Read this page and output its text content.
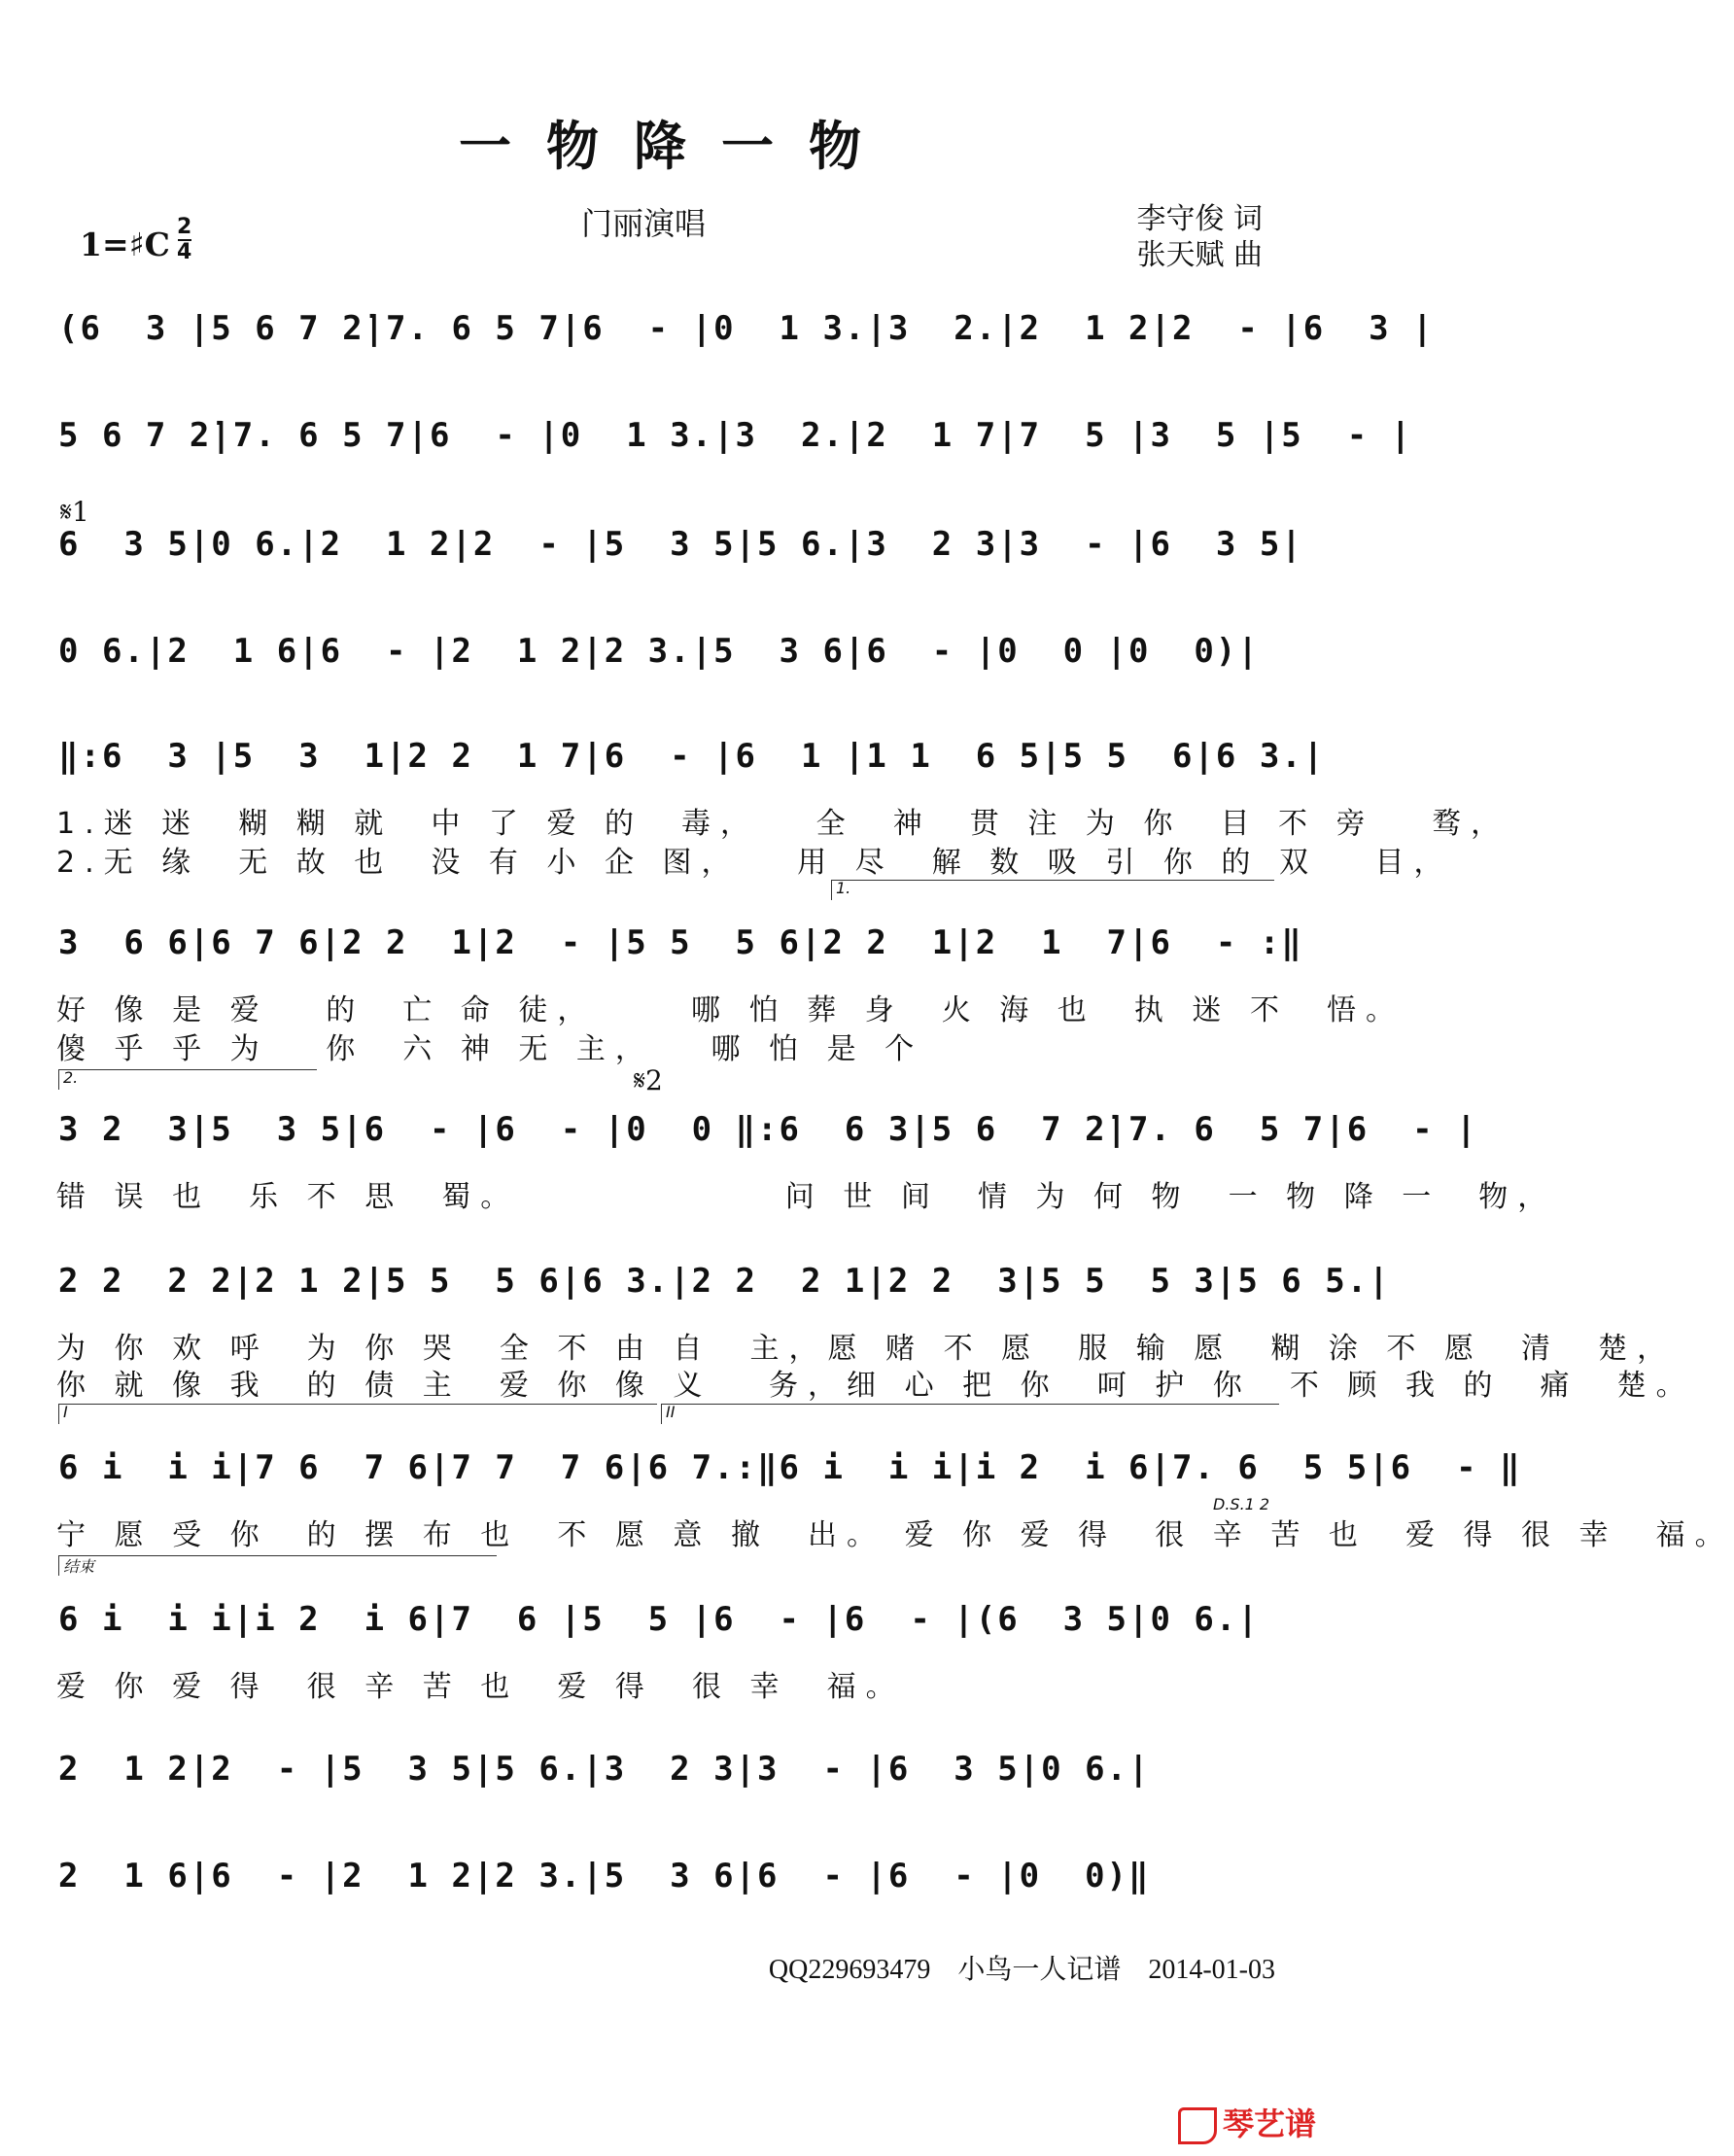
一物降一物
门丽演唱	李守俊 词
张天赋 曲
1=♯C 2
4
(6  3 |5 6 7 2̇|7. 6 5 7|6  - |0  1 3.|3  2.|2  1 2|2  - |6  3 |
5 6 7 2̇|7. 6 5 7|6  - |0  1 3.|3  2.|2  1 7|7  5 |3  5 |5  - |
𝄋1
6  3 5|0 6.|2  1 2|2  - |5  3 5|5 6.|3  2 3|3  - |6  3 5|
0 6.|2  1 6|6  - |2  1 2|2 3.|5  3 6|6  - |0  0 |0  0)|
‖:6  3 |5  3  1|2 2  1 7|6  - |6  1 |1 1  6 5|5 5  6|6 3.|
1.迷 迷  糊 糊 就  中 了 爱 的  毒，   全  神  贯 注 为 你  目 不 旁   骛，
2.无 缘  无 故 也  没 有 小 企 图，   用 尽  解 数 吸 引 你 的 双   目，
1.
3  6 6|6 7 6|2 2  1|2  - |5 5  5 6|2 2  1|2  1  7|6  - :‖
好 像 是 爱   的  亡 命 徒，     哪 怕 葬 身  火 海 也  执 迷 不  悟。
傻 乎 乎 为   你  六 神 无 主，   哪 怕 是 个
2.	𝄋2
3 2  3|5  3 5|6  - |6  - |0  0 ‖:6  6 3|5 6  7 2̇|7. 6  5 7|6  - |
错 误 也  乐 不 思  蜀。              问 世 间  情 为 何 物  一 物 降 一  物，
2 2  2 2|2 1 2|5 5  5 6|6 3.|2 2  2 1|2 2  3|5 5  5 3|5 6 5.|
为 你 欢 呼  为 你 哭  全 不 由 自  主，愿 赌 不 愿  服 输 愿  糊 涂 不 愿  清  楚，
你 就 像 我  的 债 主  爱 你 像 义   务，细 心 把 你  呵 护 你  不 顾 我 的  痛  楚。
I	II
6 i  i i|7 6  7 6|7 7  7 6|6 7.:‖6 i  i i|i 2  i 6|7. 6  5 5|6  - ‖
宁 愿 受 你  的 摆 布 也  不 愿 意 撤  出。 爱 你 爱 得  很 辛 苦 也  爱 得 很 幸  福。
D.S.1 2
结束
6 i  i i|i 2  i 6|7  6 |5  5 |6  - |6  - |(6  3 5|0 6.|
爱 你 爱 得  很 辛 苦 也  爱 得  很 幸  福。
2  1 2|2  - |5  3 5|5 6.|3  2 3|3  - |6  3 5|0 6.|
2  1 6|6  - |2  1 2|2 3.|5  3 6|6  - |6  - |0  0)‖
QQ229693479    小鸟一人记谱    2014-01-03
琴艺谱
